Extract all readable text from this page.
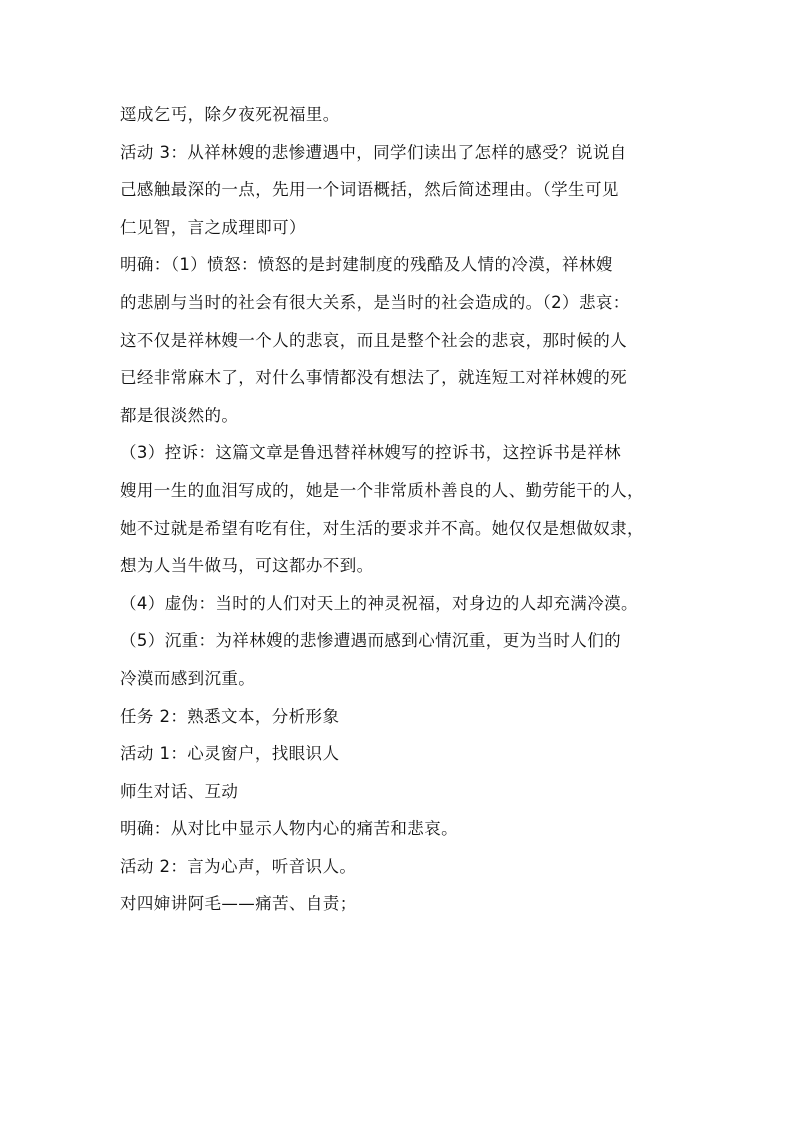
逕成乞丐，除夕夜死祝福里。
活动 3：从祥林嫂的悲惨遭遇中，同学们读出了怎样的感受？说说自
己感触最深的一点，先用一个词语概括，然后简述理由。（学生可见
仁见智，言之成理即可）
明确：（1）愤怒：愤怒的是封建制度的残酷及人情的冷漠，祥林嫂
的悲剧与当时的社会有很大关系，是当时的社会造成的。（2）悲哀：
这不仅是祥林嫂一个人的悲哀，而且是整个社会的悲哀，那时候的人
已经非常麻木了，对什么事情都没有想法了，就连短工对祥林嫂的死
都是很淡然的。
（3）控诉：这篇文章是鲁迅替祥林嫂写的控诉书，这控诉书是祥林
嫂用一生的血泪写成的，她是一个非常质朴善良的人、勤劳能干的人，
她不过就是希望有吃有住，对生活的要求并不高。她仅仅是想做奴隶，
想为人当牛做马，可这都办不到。
（4）虚伪：当时的人们对天上的神灵祝福，对身边的人却充满冷漠。
（5）沉重：为祥林嫂的悲惨遭遇而感到心情沉重，更为当时人们的
冷漠而感到沉重。
任务 2：熟悉文本，分析形象
活动 1：心灵窗户，找眼识人
师生对话、互动
明确：从对比中显示人物内心的痛苦和悲哀。
活动 2：言为心声，听音识人。
对四婶讲阿毛——痛苦、自责；
